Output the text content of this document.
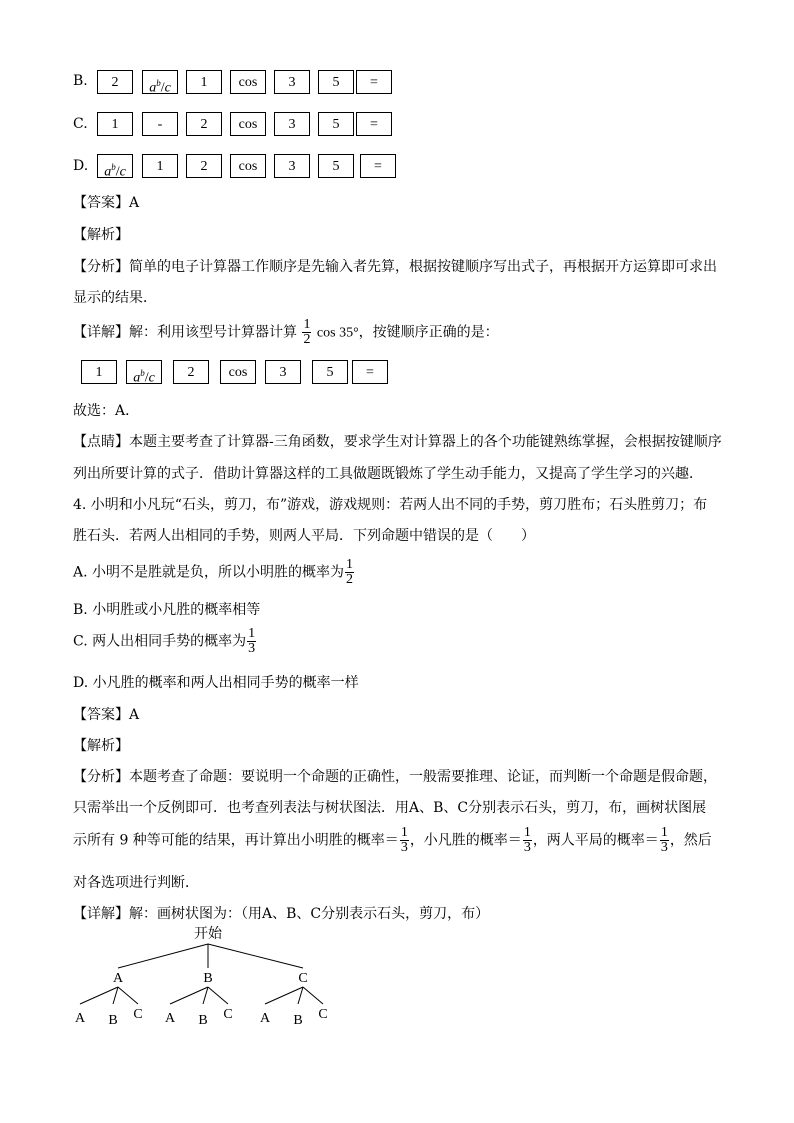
B.	2	$a^b/c$	1	cos	3	5	=
C.	1	-	2	cos	3	5	=
D.	$a^b/c$	1	2	cos	3	5	=
【答案】A
【解析】
【分析】简单的电子计算器工作顺序是先输入者先算，根据按键顺序写出式子，再根据开方运算即可求出
显示的结果．
【详解】解：利用该型号计算器计算 $\frac{1}{2}$ cos 35°，按键顺序正确的是：
1	$a^b/c$	2	cos	3	5	=
故选：A．
【点睛】本题主要考查了计算器-三角函数，要求学生对计算器上的各个功能键熟练掌握，会根据按键顺序
列出所要计算的式子．借助计算器这样的工具做题既锻炼了学生动手能力，又提高了学生学习的兴趣．
4. 小明和小凡玩“石头，剪刀，布”游戏，游戏规则：若两人出不同的手势，剪刀胜布；石头胜剪刀；布
胜石头．若两人出相同的手势，则两人平局．下列命题中错误的是（　　）
A. 小明不是胜就是负，所以小明胜的概率为 $\frac{1}{2}$
B. 小明胜或小凡胜的概率相等
C. 两人出相同手势的概率为 $\frac{1}{3}$
D. 小凡胜的概率和两人出相同手势的概率一样
【答案】A
【解析】
【分析】本题考查了命题：要说明一个命题的正确性，一般需要推理、论证，而判断一个命题是假命题，
只需举出一个反例即可．也考查列表法与树状图法．用A、B、C分别表示石头，剪刀，布，画树状图展
示所有 9 种等可能的结果，再计算出小明胜的概率＝ $\frac{1}{3}$ ，小凡胜的概率＝ $\frac{1}{3}$ ，两人平局的概率＝ $\frac{1}{3}$ ，然后
对各选项进行判断．
【详解】解：画树状图为：（用A、B、C分别表示石头，剪刀，布）
开始
A
A B C
B
A B C
C
A B C
